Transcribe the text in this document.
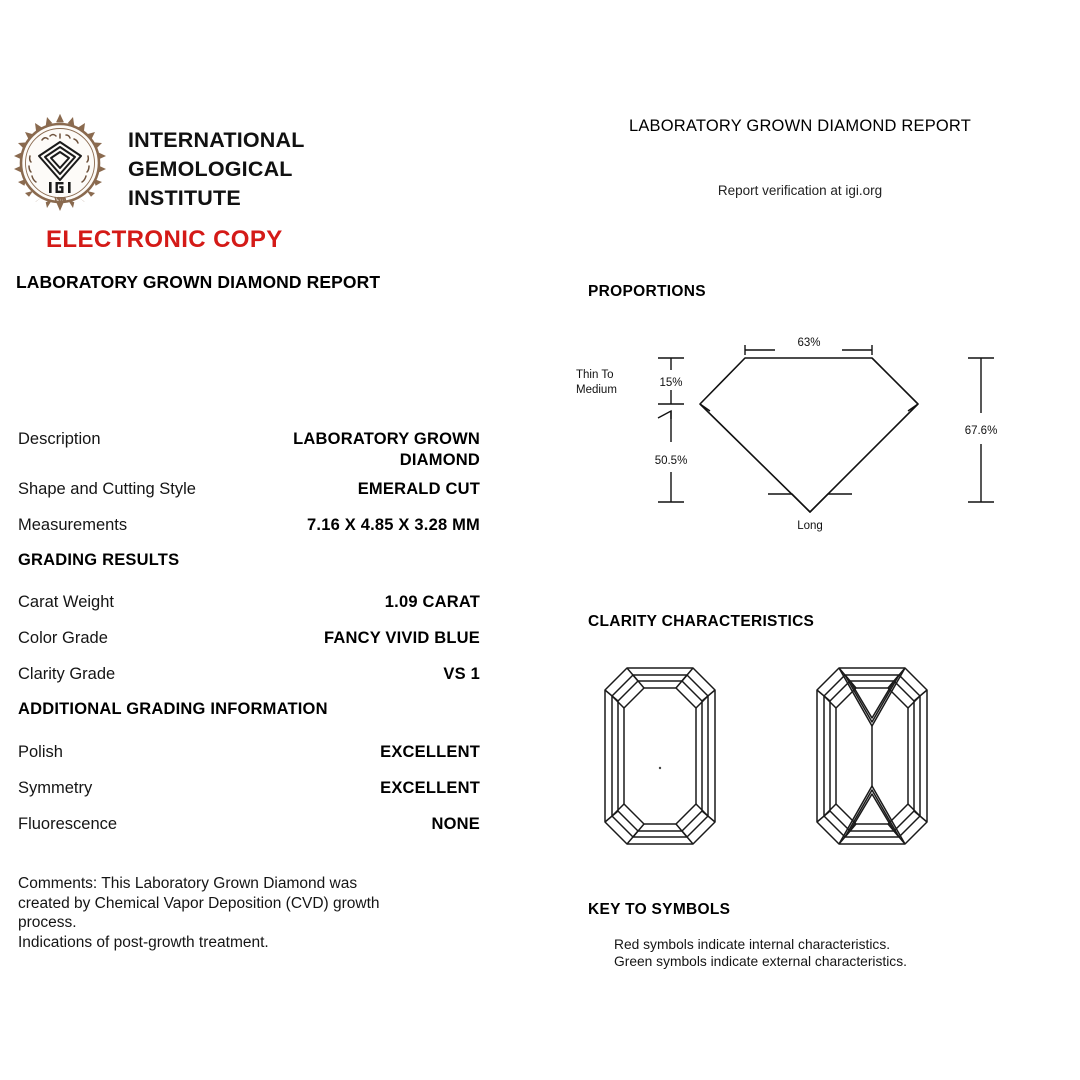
١٩٧٥
INTERNATIONAL
GEMOLOGICAL
INSTITUTE
ELECTRONIC COPY
LABORATORY GROWN DIAMOND REPORT
LABORATORY GROWN DIAMOND REPORT
Report verification at igi.org
Description	LABORATORY GROWN
DIAMOND
Shape and Cutting Style	EMERALD CUT
Measurements	7.16 X 4.85 X 3.28 MM
GRADING RESULTS
Carat Weight	1.09 CARAT
Color Grade	FANCY VIVID BLUE
Clarity Grade	VS 1
ADDITIONAL GRADING INFORMATION
Polish	EXCELLENT
Symmetry	EXCELLENT
Fluorescence	NONE
Comments: This Laboratory Grown Diamond was
created by Chemical Vapor Deposition (CVD) growth
process.
Indications of post-growth treatment.
PROPORTIONS
63%
15%
50.5%
67.6%
Thin To
Medium
Long
CLARITY CHARACTERISTICS
KEY TO SYMBOLS
Red symbols indicate internal characteristics.
Green symbols indicate external characteristics.
